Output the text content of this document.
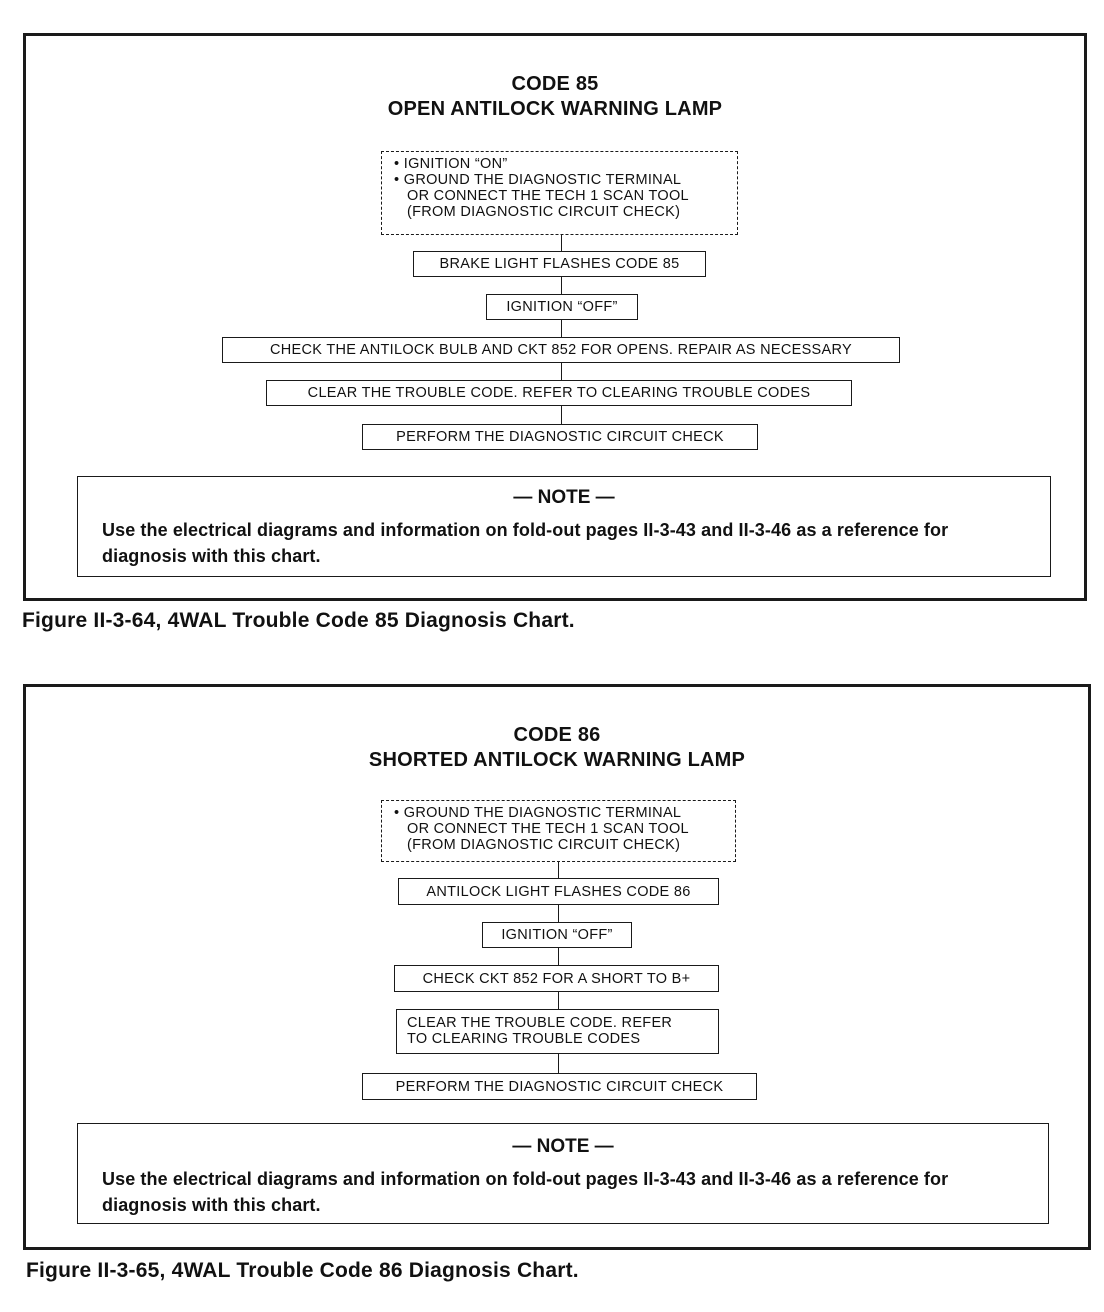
CODE 85
OPEN ANTILOCK WARNING LAMP
• IGNITION “ON”
• GROUND THE DIAGNOSTIC TERMINAL
OR CONNECT THE TECH 1 SCAN TOOL
(FROM DIAGNOSTIC CIRCUIT CHECK)
BRAKE LIGHT FLASHES CODE 85
IGNITION “OFF”
CHECK THE ANTILOCK BULB AND CKT 852 FOR OPENS. REPAIR AS NECESSARY
CLEAR THE TROUBLE CODE. REFER TO CLEARING TROUBLE CODES
PERFORM THE DIAGNOSTIC CIRCUIT CHECK
— NOTE —
Use the electrical diagrams and information on fold-out pages II-3-43 and II-3-46 as a reference for diagnosis with this chart.
Figure II-3-64, 4WAL Trouble Code 85 Diagnosis Chart.
CODE 86
SHORTED ANTILOCK WARNING LAMP
• GROUND THE DIAGNOSTIC TERMINAL
OR CONNECT THE TECH 1 SCAN TOOL
(FROM DIAGNOSTIC CIRCUIT CHECK)
ANTILOCK LIGHT FLASHES CODE 86
IGNITION “OFF”
CHECK CKT 852 FOR A SHORT TO B+
CLEAR THE TROUBLE CODE. REFER
TO CLEARING TROUBLE CODES
PERFORM THE DIAGNOSTIC CIRCUIT CHECK
— NOTE —
Use the electrical diagrams and information on fold-out pages II-3-43 and II-3-46 as a reference for diagnosis with this chart.
Figure II-3-65, 4WAL Trouble Code 86 Diagnosis Chart.
